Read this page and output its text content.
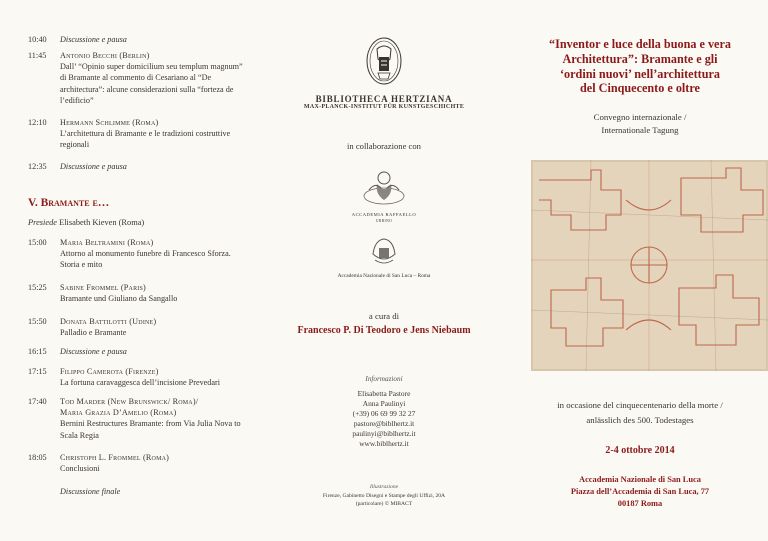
10:40	Discussione e pausa
11:45	Antonio Becchi (Berlin)
Dall’ “Opinio super domicilium seu templum magnum” di Bramante al commento di Cesariano al “De architectura”: alcune considerazioni sulla “forteza de l’edificio”
12:10	Hermann Schlimme (Roma)
L’architettura di Bramante e le tradizioni costruttive regionali
12:35	Discussione e pausa
V. Bramante e…
Presiede Elisabeth Kieven (Roma)
15:00	Maria Beltramini (Roma)
Attorno al monumento funebre di Francesco Sforza. Storia e mito
15:25	Sabine Frommel (Paris)
Bramante und Giuliano da Sangallo
15:50	Donata Battilotti (Udine)
Palladio e Bramante
16:15	Discussione e pausa
17:15	Filippo Camerota (Firenze)
La fortuna caravaggesca dell’incisione Prevedari
17:40	Tod Marder (New Brunswick/ Roma)/
Maria Grazia D’Amelio (Roma)
Bernini Restructures Bramante: from Via Julia Nova to Scala Regia
18:05	Christoph L. Frommel (Roma)
Conclusioni
Discussione finale
BIBLIOTHECA HERTZIANA
MAX-PLANCK-INSTITUT FÜR KUNSTGESCHICHTE
in collaborazione con
ACCADEMIA RAFFAELLO
URBINO
Accademia Nazionale di San Luca – Roma
a cura di
Francesco P. Di Teodoro e Jens Niebaum
Informazioni
Elisabetta Pastore
Anna Paulinyi
(+39) 06 69 99 32 27
pastore@biblhertz.it
paulinyi@biblhertz.it
www.biblhertz.it
Illustrazione
Firenze, Gabinetto Disegni e Stampe degli Uffizi, 20A
(particolare) © MIBACT
“Inventor e luce della buona e vera
Architettura”: Bramante e gli
‘ordini nuovi’ nell’architettura
del Cinquecento e oltre
Convegno internazionale /
Internationale Tagung
in occasione del cinquecentenario della morte /
anlässlich des 500. Todestages
2-4 ottobre 2014
Accademia Nazionale di San Luca
Piazza dell’Accademia di San Luca, 77
00187 Roma
